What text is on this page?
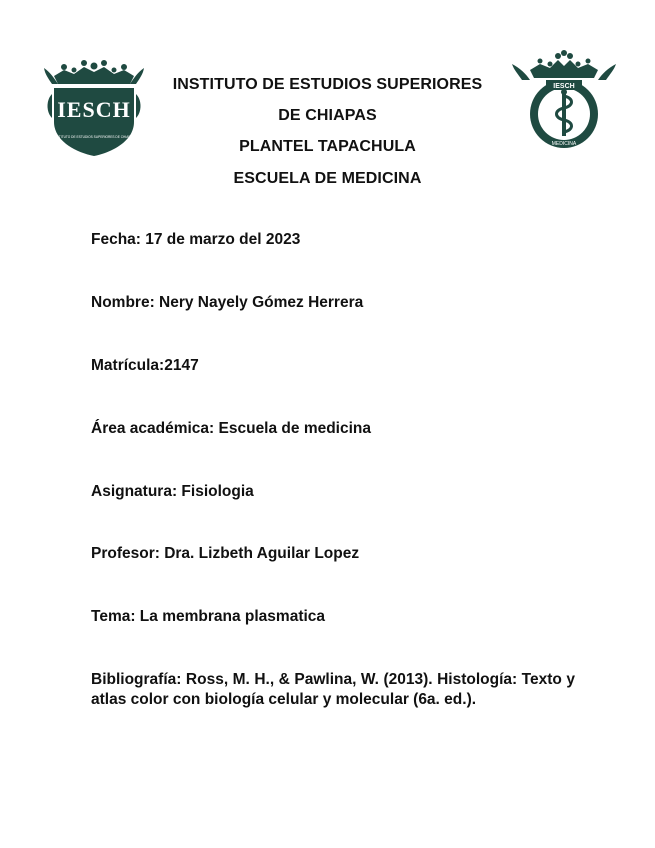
IESCH
INSTITUTO DE ESTUDIOS SUPERIORES DE CHIAPAS
INSTITUTO DE ESTUDIOS SUPERIORES
DE CHIAPAS
PLANTEL TAPACHULA
ESCUELA DE MEDICINA
IESCH
MEDICINA
Fecha: 17 de marzo del 2023
Nombre: Nery Nayely Gómez Herrera
Matrícula:2147
Área académica: Escuela de medicina
Asignatura: Fisiologia
Profesor: Dra. Lizbeth Aguilar Lopez
Tema: La membrana plasmatica
Bibliografía: Ross, M. H., & Pawlina, W. (2013). Histología: Texto y atlas color con biología celular y molecular (6a. ed.).
